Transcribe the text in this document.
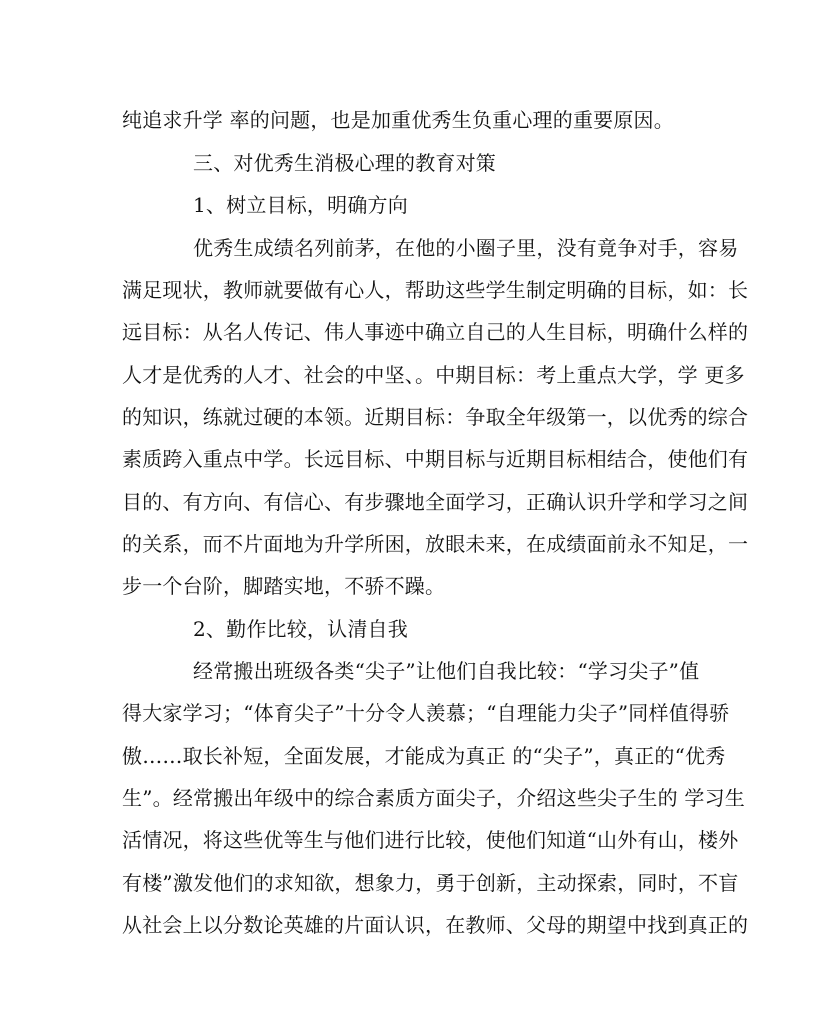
纯追求升学 率的问题，也是加重优秀生负重心理的重要原因。
三、对优秀生消极心理的教育对策
1、树立目标，明确方向
优秀生成绩名列前茅，在他的小圈子里，没有竟争对手，容易
满足现状，教师就要做有心人，帮助这些学生制定明确的目标，如：长
远目标：从名人传记、伟人事迹中确立自己的人生目标，明确什么样的
人才是优秀的人才、社会的中坚、。中期目标：考上重点大学，学 更多
的知识，练就过硬的本领。近期目标：争取全年级第一，以优秀的综合
素质跨入重点中学。长远目标、中期目标与近期目标相结合，使他们有
目的、有方向、有信心、有步骤地全面学习，正确认识升学和学习之间
的关系，而不片面地为升学所困，放眼未来，在成绩面前永不知足，一
步一个台阶，脚踏实地，不骄不躁。
2、勤作比较，认清自我
经常搬出班级各类“尖子”让他们自我比较：“学习尖子”值
得大家学习；“体育尖子”十分令人羡慕；“自理能力尖子”同样值得骄
傲……取长补短，全面发展，才能成为真正 的“尖子”，真正的“优秀
生”。经常搬出年级中的综合素质方面尖子，介绍这些尖子生的 学习生
活情况，将这些优等生与他们进行比较，使他们知道“山外有山，楼外
有楼”激发他们的求知欲，想象力，勇于创新，主动探索，同时，不盲
从社会上以分数论英雄的片面认识，在教师、父母的期望中找到真正的
